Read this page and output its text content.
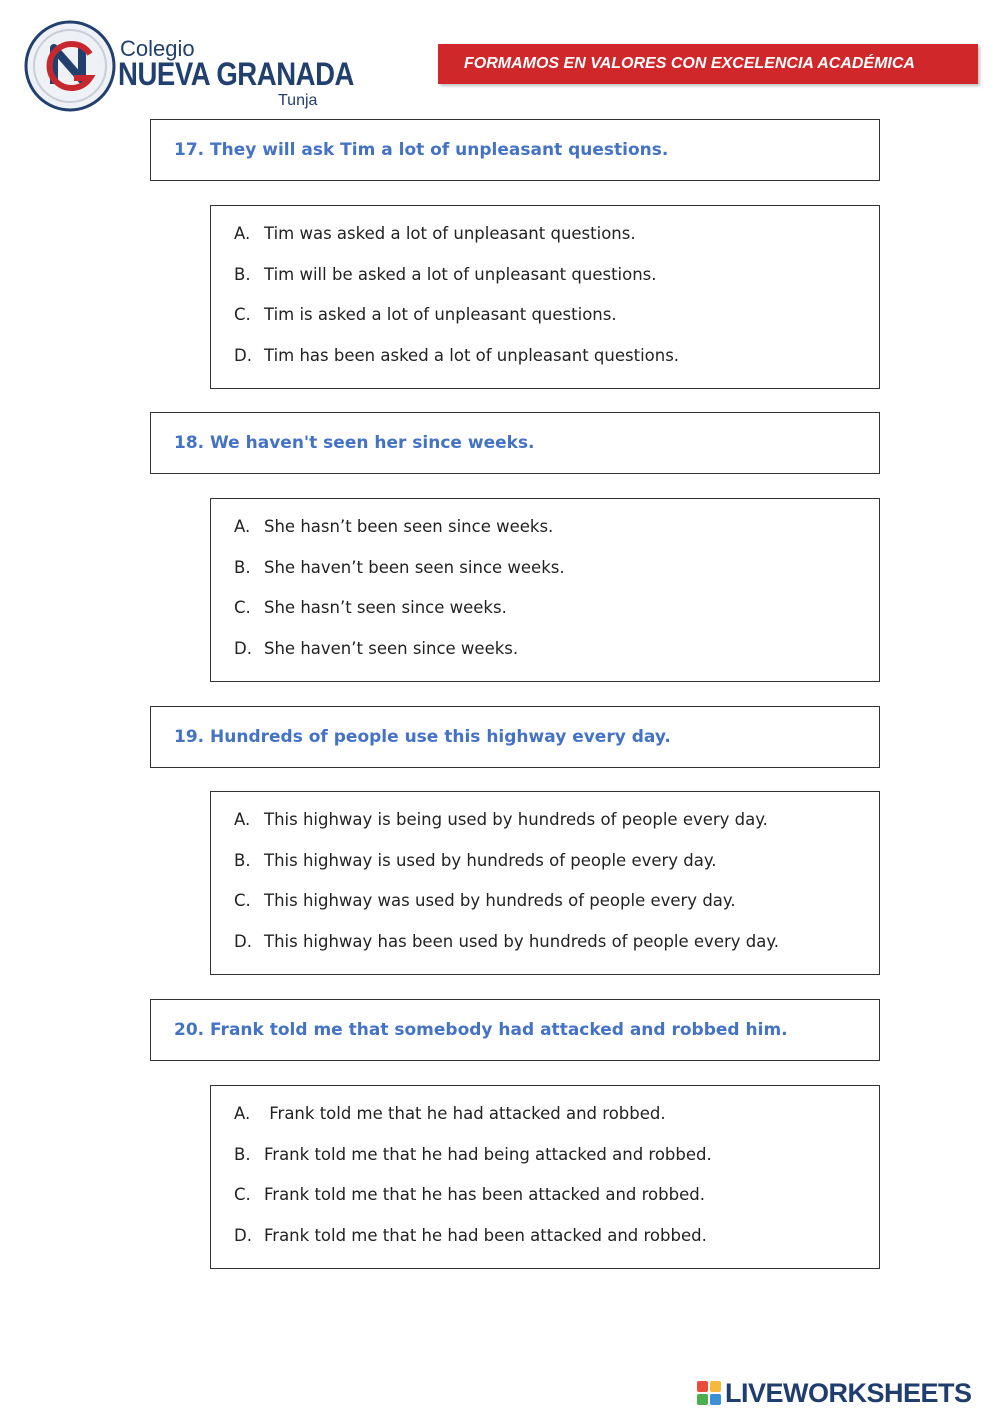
Colegio
NUEVA GRANADA
Tunja
FORMAMOS EN VALORES CON EXCELENCIA ACADÉMICA
17. They will ask Tim a lot of unpleasant questions.
A. Tim was asked a lot of unpleasant questions.
B. Tim will be asked a lot of unpleasant questions.
C. Tim is asked a lot of unpleasant questions.
D. Tim has been asked a lot of unpleasant questions.
18. We haven't seen her since weeks.
A. She hasn’t been seen since weeks.
B. She haven’t been seen since weeks.
C. She hasn’t seen since weeks.
D. She haven’t seen since weeks.
19. Hundreds of people use this highway every day.
A. This highway is being used by hundreds of people every day.
B. This highway is used by hundreds of people every day.
C. This highway was used by hundreds of people every day.
D. This highway has been used by hundreds of people every day.
20. Frank told me that somebody had attacked and robbed him.
A. Frank told me that he had attacked and robbed.
B. Frank told me that he had being attacked and robbed.
C. Frank told me that he has been attacked and robbed.
D. Frank told me that he had been attacked and robbed.
LIVEWORKSHEETS
